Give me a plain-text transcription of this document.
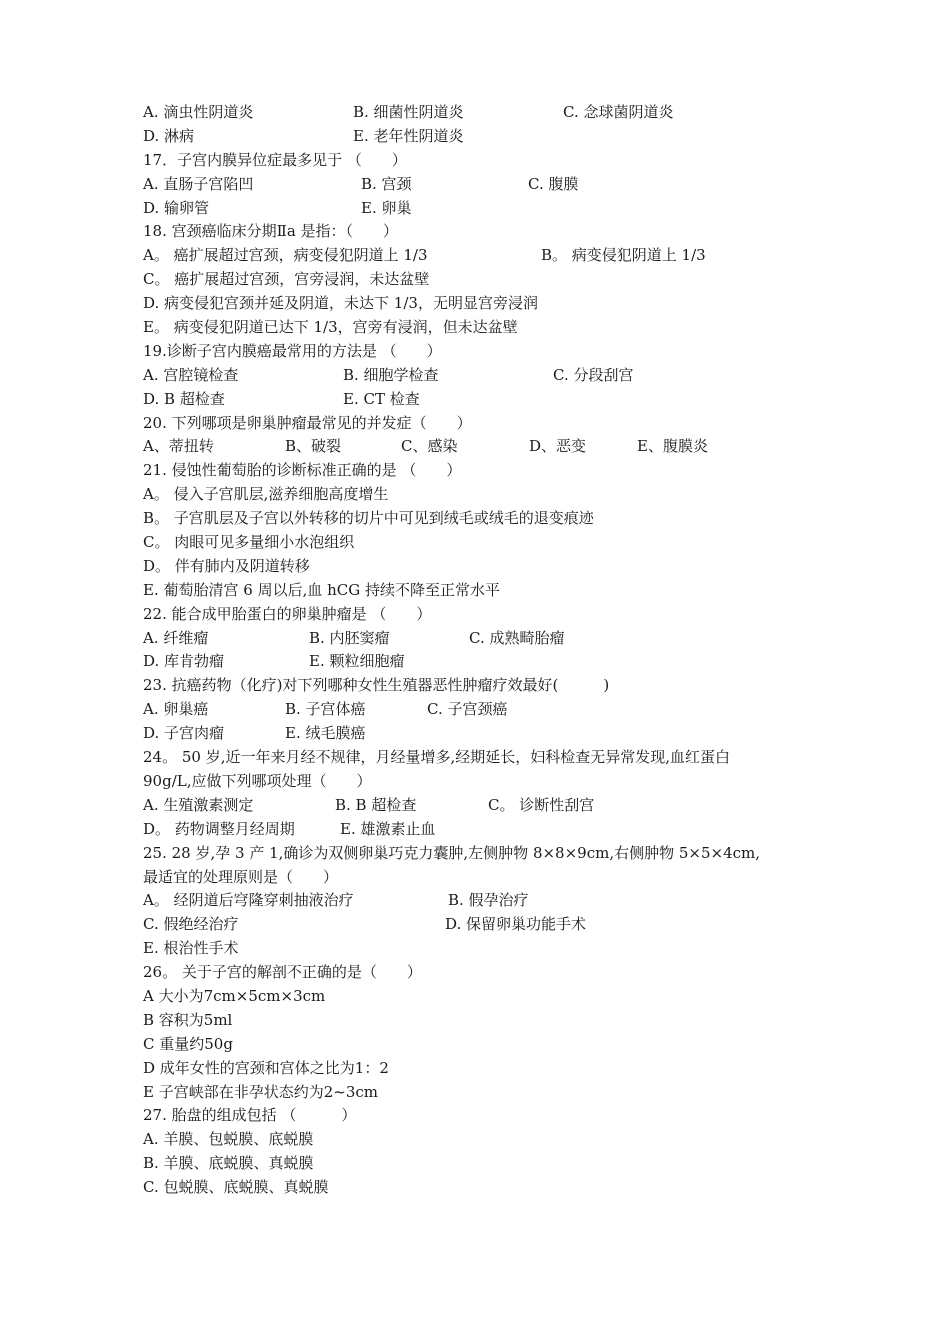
A. 滴虫性阴道炎	B. 细菌性阴道炎	C. 念球菌阴道炎
D. 淋病	E. 老年性阴道炎
17．子宫内膜异位症最多见于 （　　）
A. 直肠子宫陷凹	B. 宫颈	C. 腹膜
D. 输卵管	E. 卵巢
18. 宫颈癌临床分期Ⅱa 是指：（　　）
A。 癌扩展超过宫颈，病变侵犯阴道上 1/3	B。 病变侵犯阴道上 1/3
C。 癌扩展超过宫颈，宫旁浸润，未达盆壁
D. 病变侵犯宫颈并延及阴道，未达下 1/3，无明显宫旁浸润
E。 病变侵犯阴道已达下 1/3，宫旁有浸润，但未达盆壁
19.诊断子宫内膜癌最常用的方法是 （　　）
A. 宫腔镜检查	B. 细胞学检查	C. 分段刮宫
D. B 超检查	E. CT 检查
20. 下列哪项是卵巢肿瘤最常见的并发症（　　）
A、蒂扭转	B、破裂	C、感染	D、恶变	E、腹膜炎
21. 侵蚀性葡萄胎的诊断标准正确的是 （　　）
A。 侵入子宫肌层,滋养细胞高度增生
B。 子宫肌层及子宫以外转移的切片中可见到绒毛或绒毛的退变痕迹
C。 肉眼可见多量细小水泡组织
D。 伴有肺内及阴道转移
E. 葡萄胎清宫 6 周以后,血 hCG 持续不降至正常水平
22. 能合成甲胎蛋白的卵巢肿瘤是 （　　）
A. 纤维瘤	B. 内胚窦瘤	C. 成熟畸胎瘤
D. 库肯勃瘤	E. 颗粒细胞瘤
23. 抗癌药物（化疗)对下列哪种女性生殖器恶性肿瘤疗效最好(　　　)
A. 卵巢癌	B. 子宫体癌	C. 子宫颈癌
D. 子宫肉瘤	E. 绒毛膜癌
24。 50 岁,近一年来月经不规律，月经量增多,经期延长，妇科检查无异常发现,血红蛋白
90g/L,应做下列哪项处理（　　）
A. 生殖激素测定	B. B 超检查	C。 诊断性刮宫
D。 药物调整月经周期	E. 雄激素止血
25. 28 岁,孕 3 产 1,确诊为双侧卵巢巧克力囊肿,左侧肿物 8×8×9cm,右侧肿物 5×5×4cm,
最适宜的处理原则是（　　）
A。 经阴道后穹隆穿刺抽液治疗	B. 假孕治疗
C. 假绝经治疗	D. 保留卵巢功能手术
E. 根治性手术
26。 关于子宫的解剖不正确的是（　　）
A 大小为7cm×5cm×3cm
B 容积为5ml
C 重量约50g
D 成年女性的宫颈和宫体之比为1：2
E 子宫峡部在非孕状态约为2~3cm
27. 胎盘的组成包括 （　　　）
A. 羊膜、包蜕膜、底蜕膜
B. 羊膜、底蜕膜、真蜕膜
C. 包蜕膜、底蜕膜、真蜕膜
